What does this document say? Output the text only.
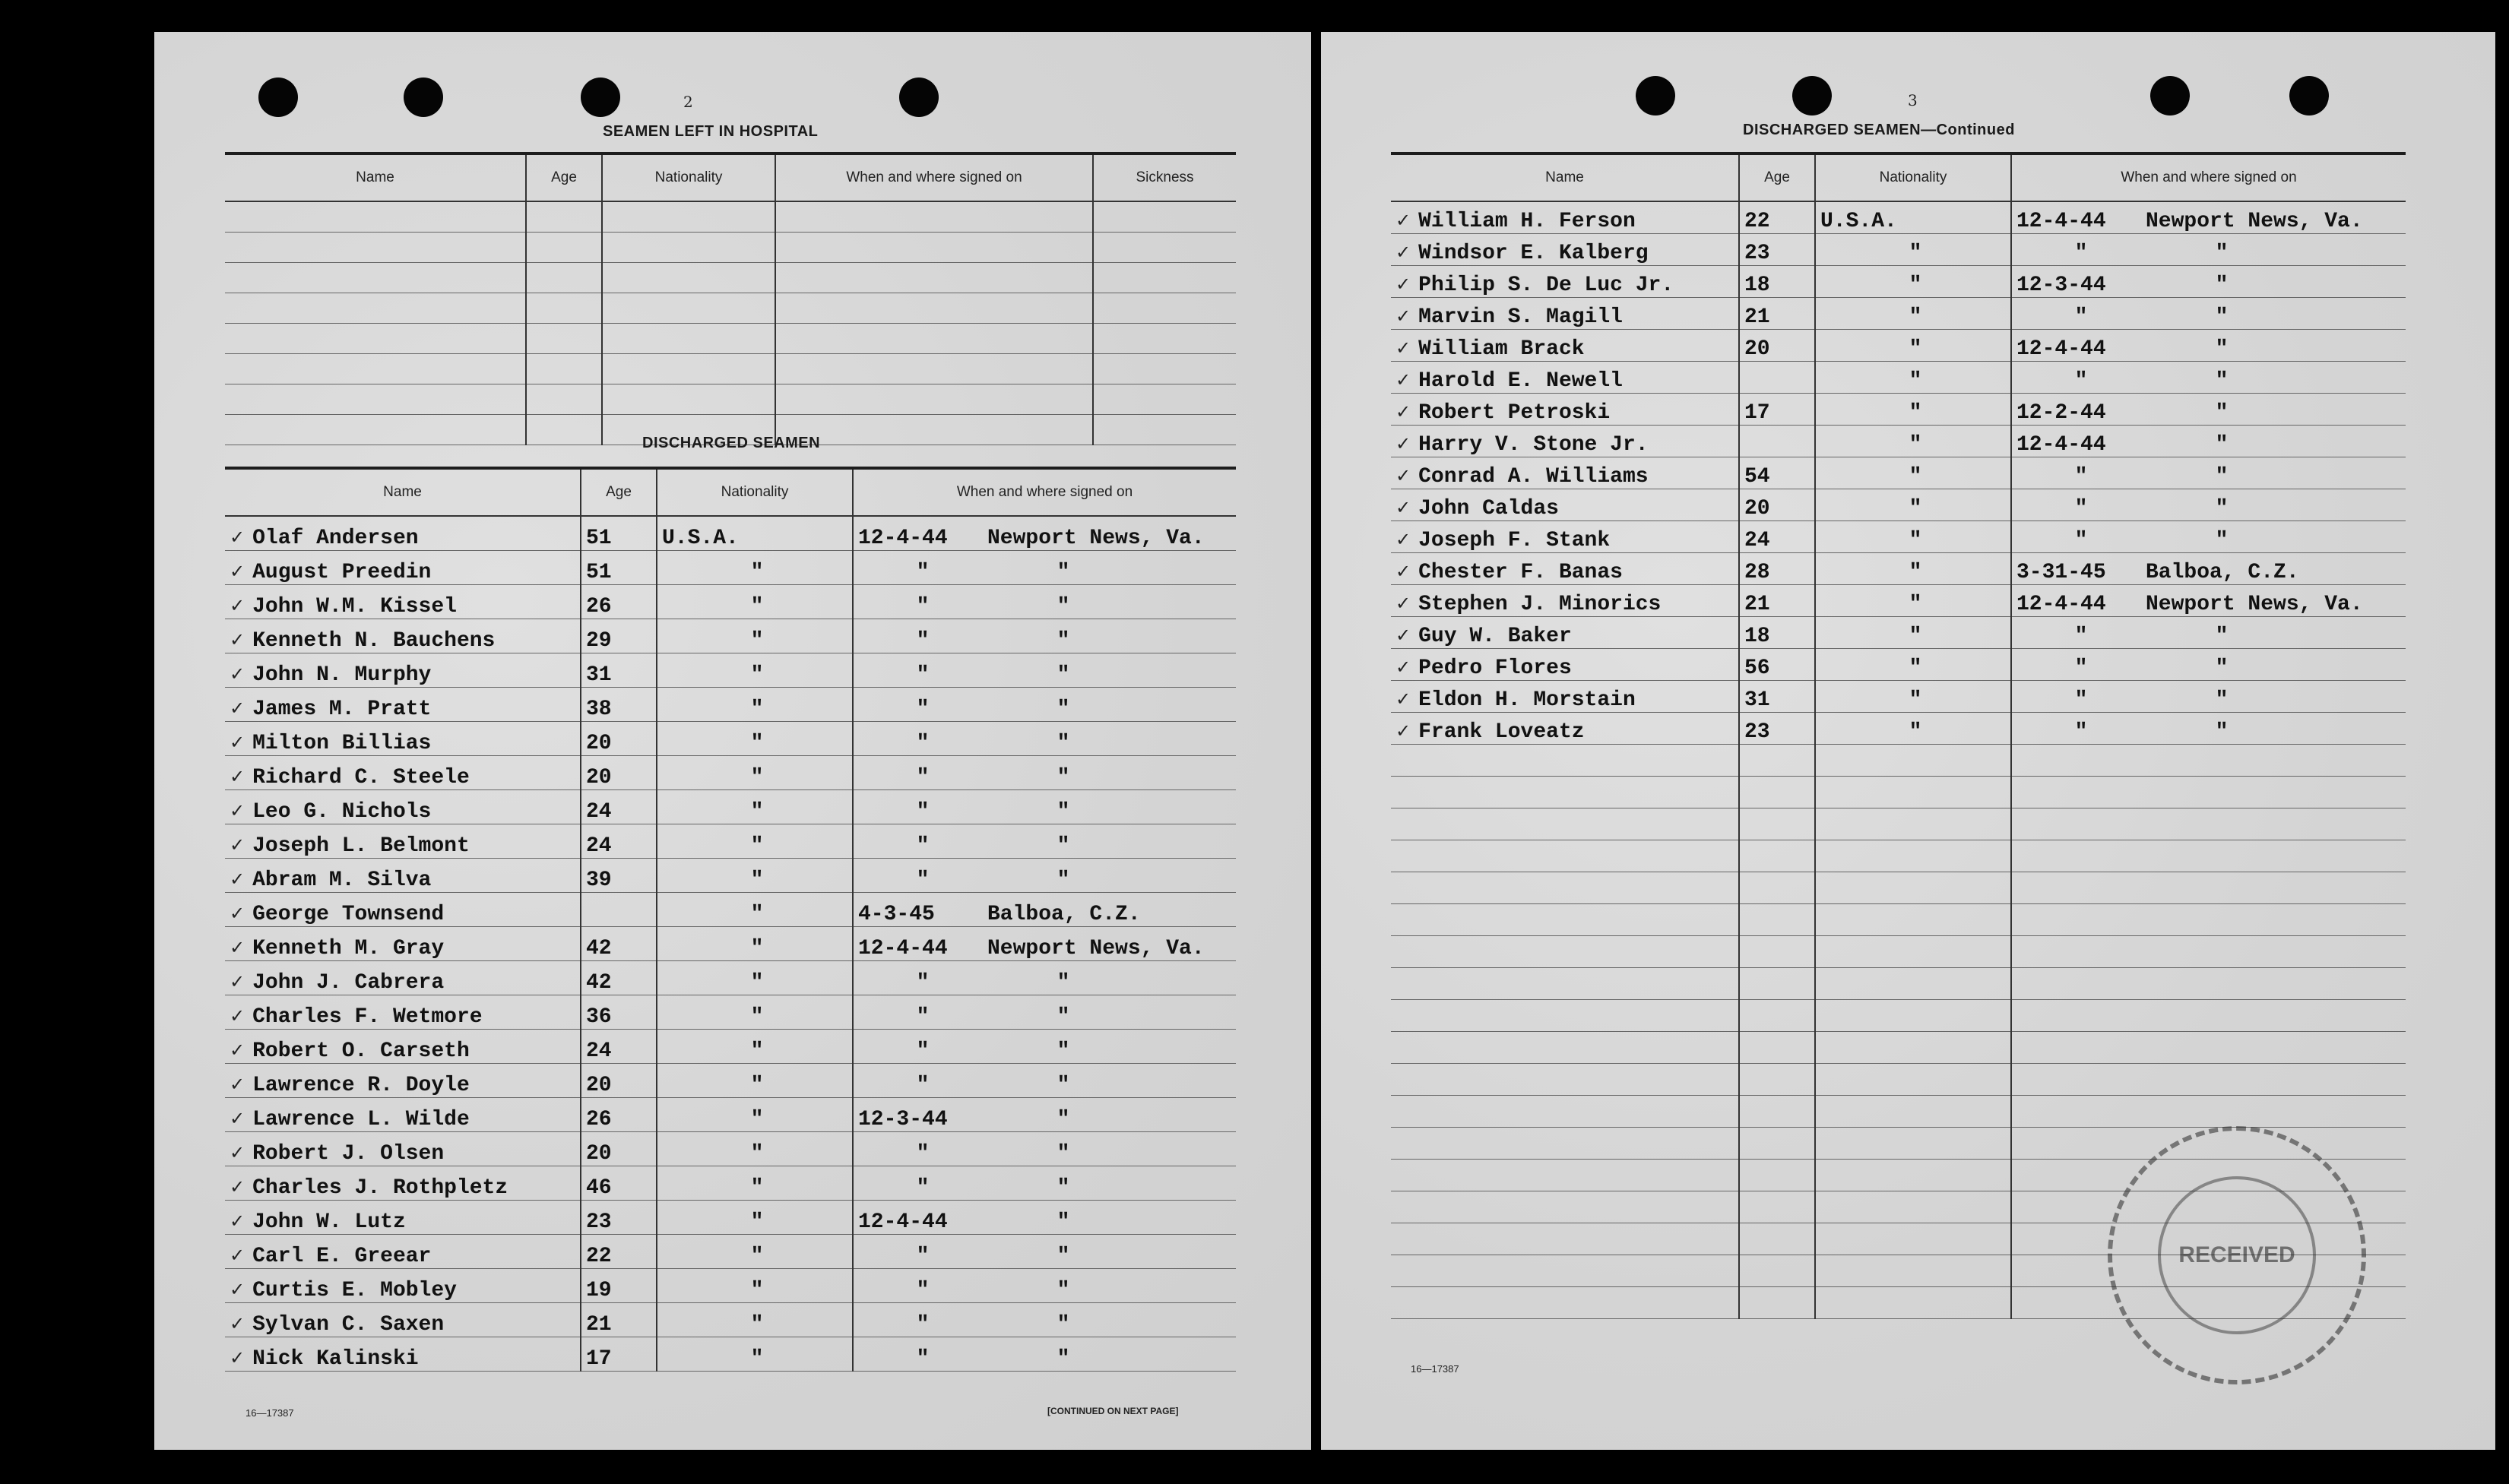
2
SEAMEN LEFT IN HOSPITAL
Name	Age	Nationality	When and where signed on	Sickness

DISCHARGED SEAMEN
Name	Age	Nationality	When and where signed on
✓ Olaf Andersen	51	U.S.A.	12-4-44 Newport News, Va.
✓ August Preedin	51	"	" "
✓ John W.M. Kissel	26	"	" "
✓ Kenneth N. Bauchens	29	"	" "
✓ John N. Murphy	31	"	" "
✓ James M. Pratt	38	"	" "
✓ Milton Billias	20	"	" "
✓ Richard C. Steele	20	"	" "
✓ Leo G. Nichols	24	"	" "
✓ Joseph L. Belmont	24	"	" "
✓ Abram M. Silva	39	"	" "
✓ George Townsend		"	4-3-45 Balboa, C.Z.
✓ Kenneth M. Gray	42	"	12-4-44 Newport News, Va.
✓ John J. Cabrera	42	"	" "
✓ Charles F. Wetmore	36	"	" "
✓ Robert O. Carseth	24	"	" "
✓ Lawrence R. Doyle	20	"	" "
✓ Lawrence L. Wilde	26	"	12-3-44 "
✓ Robert J. Olsen	20	"	" "
✓ Charles J. Rothpletz	46	"	" "
✓ John W. Lutz	23	"	12-4-44 "
✓ Carl E. Greear	22	"	" "
✓ Curtis E. Mobley	19	"	" "
✓ Sylvan C. Saxen	21	"	" "
✓ Nick Kalinski	17	"	" "
16—17387	[CONTINUED ON NEXT PAGE]
3
DISCHARGED SEAMEN—Continued
Name	Age	Nationality	When and where signed on
✓ William H. Ferson	22	U.S.A.	12-4-44 Newport News, Va.
✓ Windsor E. Kalberg	23	"	" "
✓ Philip S. De Luc Jr.	18	"	12-3-44 "
✓ Marvin S. Magill	21	"	" "
✓ William Brack	20	"	12-4-44 "
✓ Harold E. Newell		"	" "
✓ Robert Petroski	17	"	12-2-44 "
✓ Harry V. Stone Jr.		"	12-4-44 "
✓ Conrad A. Williams	54	"	" "
✓ John Caldas	20	"	" "
✓ Joseph F. Stank	24	"	" "
✓ Chester F. Banas	28	"	3-31-45 Balboa, C.Z.
✓ Stephen J. Minorics	21	"	12-4-44 Newport News, Va.
✓ Guy W. Baker	18	"	" "
✓ Pedro Flores	56	"	" "
✓ Eldon H. Morstain	31	"	" "
✓ Frank Loveatz	23	"	" "

RECEIVED
16—17387
